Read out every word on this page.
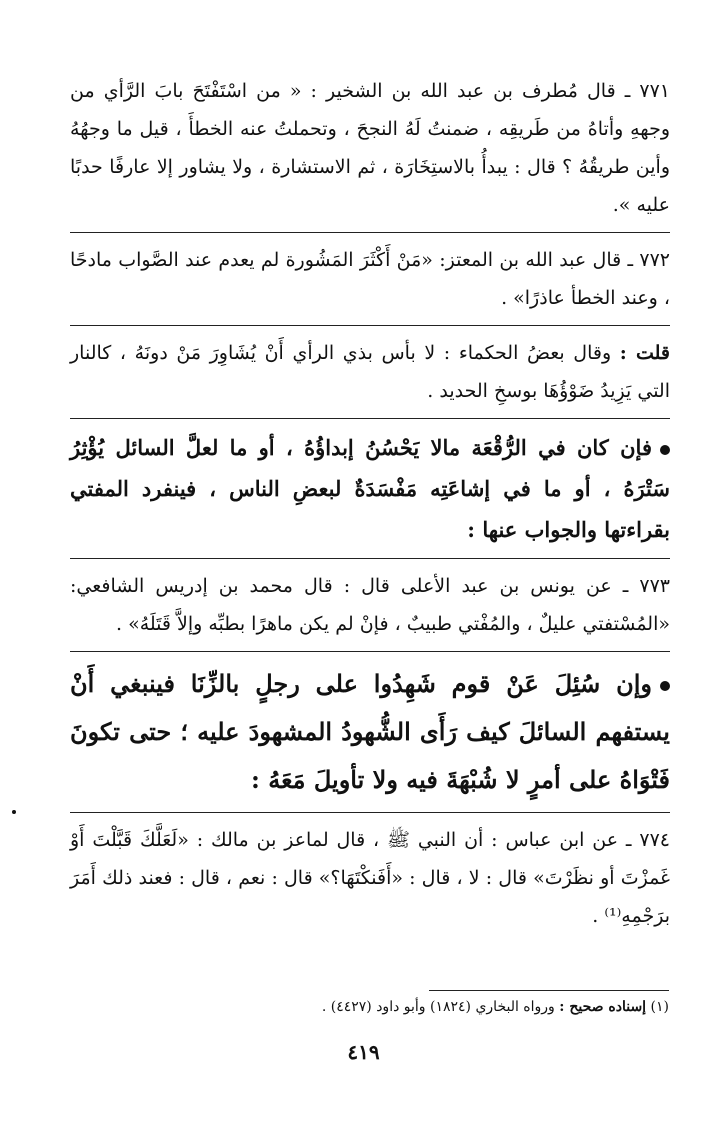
٧٧١ ـ قال مُطرف بن عبد الله بن الشخير : « من اسْتَفْتَحَ بابَ الرَّأي من وجههِ وأتاهُ من طَريقِه ، ضمنتُ لَهُ النجحَ ، وتحملتُ عنه الخطأَ ، قيل ما وجهُهُ وأين طريقُهُ ؟ قال : يبدأُ بالاستِخَارَة ، ثم الاستشارة ، ولا يشاور إلا عارفًا حدبًا عليه ».

٧٧٢ ـ قال عبد الله بن المعتز: «مَنْ أَكْثَرَ المَشُورة لم يعدم عند الصَّواب مادحًا ، وعند الخطأ عاذرًا» .

قلت : وقال بعضُ الحكماء : لا بأس بذي الرأي أَنْ يُشَاوِرَ مَنْ دونَهُ ، كالنار التي يَزِيدُ ضَوْؤُهَا بوسخِ الحديد .

فإن كان في الرُّقْعَة مالا يَحْسُنُ إبداؤُهُ ، أو ما لعلَّ السائل يُؤْثِرُ سَتْرَهُ ، أو ما في إشاعَتِه مَفْسَدَةٌ لبعضِ الناس ، فينفرد المفتي بقراءتها والجواب عنها :

٧٧٣ ـ عن يونس بن عبد الأعلى قال : قال محمد بن إدريس الشافعي: «المُسْتفتي عليلٌ ، والمُفْتي طبيبٌ ، فإنْ لم يكن ماهرًا بطبِّه وإلاَّ قَتَلَهُ» .

وإن سُئِلَ عَنْ قوم شَهِدُوا على رجلٍ بالزِّنَا فينبغي أَنْ يستفهم السائلَ كيف رَأَى الشُّهودُ المشهودَ عليه ؛ حتى تكونَ فَتْوَاهُ على أمرٍ لا شُبْهَةَ فيه ولا تأويلَ مَعَهُ :

٧٧٤ ـ عن ابن عباس : أن النبي ﷺ ، قال لماعز بن مالك : «لَعَلَّكَ قَبَّلْتَ أَوْ غَمزْتَ أو نظَرْتَ» قال : لا ، قال : «أَفَنكْتَهَا؟» قال : نعم ، قال : فعند ذلك أَمَرَ برَجْمِهِ⁽¹⁾ .

(١) إسناده صحيح : ورواه البخاري (١٨٢٤) وأبو داود (٤٤٢٧) .
٤١٩
